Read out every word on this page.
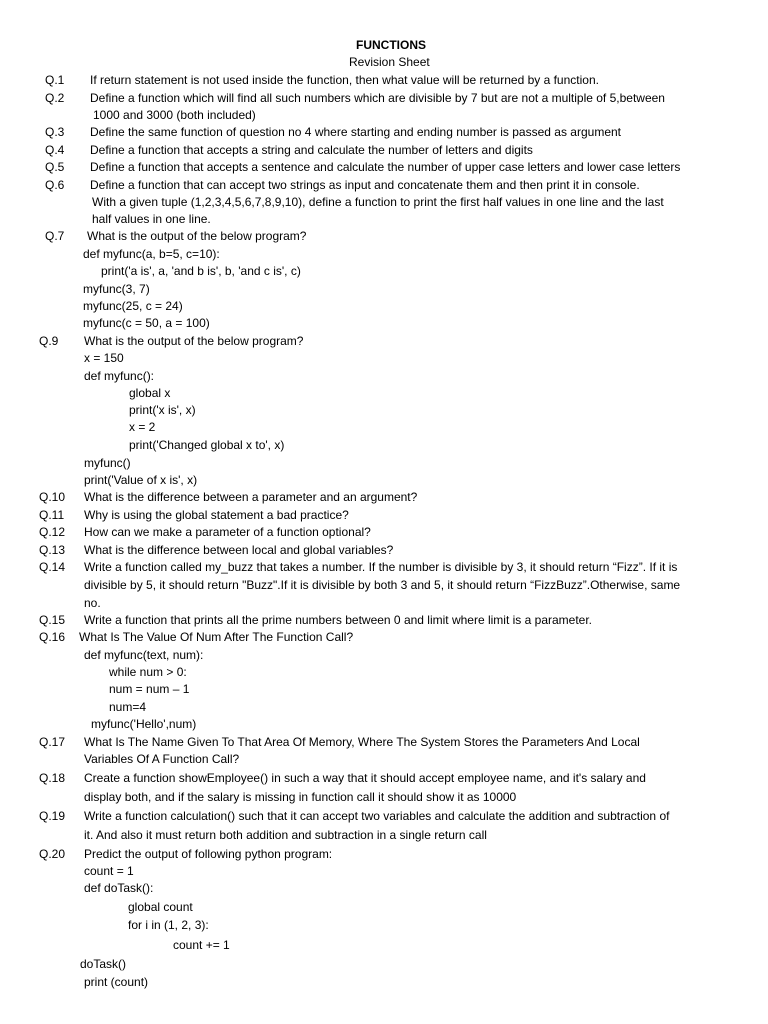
FUNCTIONS
Revision Sheet
Q.1 If return statement is not used inside the function, then what value will be returned by a function.
Q.2 Define a function which will find all such numbers which are divisible by 7 but are not a multiple of 5,between
1000 and 3000 (both included)
Q.3 Define the same function of question no 4 where starting and ending number is passed as argument
Q.4 Define a function that accepts a string and calculate the number of letters and digits
Q.5 Define a function that accepts a sentence and calculate the number of upper case letters and lower case letters
Q.6 Define a function that can accept two strings as input and concatenate them and then print it in console.
With a given tuple (1,2,3,4,5,6,7,8,9,10), define a function to print the first half values in one line and the last
half values in one line.
Q.7 What is the output of the below program?
def myfunc(a, b=5, c=10):
print('a is', a, 'and b is', b, 'and c is', c)
myfunc(3, 7)
myfunc(25, c = 24)
myfunc(c = 50, a = 100)
Q.9 What is the output of the below program?
x = 150
def myfunc():
global x
print('x is', x)
x = 2
print('Changed global x to', x)
myfunc()
print('Value of x is', x)
Q.10 What is the difference between a parameter and an argument?
Q.11 Why is using the global statement a bad practice?
Q.12 How can we make a parameter of a function optional?
Q.13 What is the difference between local and global variables?
Q.14 Write a function called my_buzz that takes a number. If the number is divisible by 3, it should return “Fizz”. If it is
divisible by 5, it should return "Buzz".If it is divisible by both 3 and 5, it should return “FizzBuzz”.Otherwise, same
no.
Q.15 Write a function that prints all the prime numbers between 0 and limit where limit is a parameter.
Q.16 What Is The Value Of Num After The Function Call?
def myfunc(text, num):
while num > 0:
num = num – 1
num=4
myfunc('Hello',num)
Q.17 What Is The Name Given To That Area Of Memory, Where The System Stores the Parameters And Local
Variables Of A Function Call?
Q.18 Create a function showEmployee() in such a way that it should accept employee name, and it's salary and
display both, and if the salary is missing in function call it should show it as 10000
Q.19 Write a function calculation() such that it can accept two variables and calculate the addition and subtraction of
it. And also it must return both addition and subtraction in a single return call
Q.20 Predict the output of following python program:
count = 1
def doTask():
global count
for i in (1, 2, 3):
count += 1
doTask()
print (count)
